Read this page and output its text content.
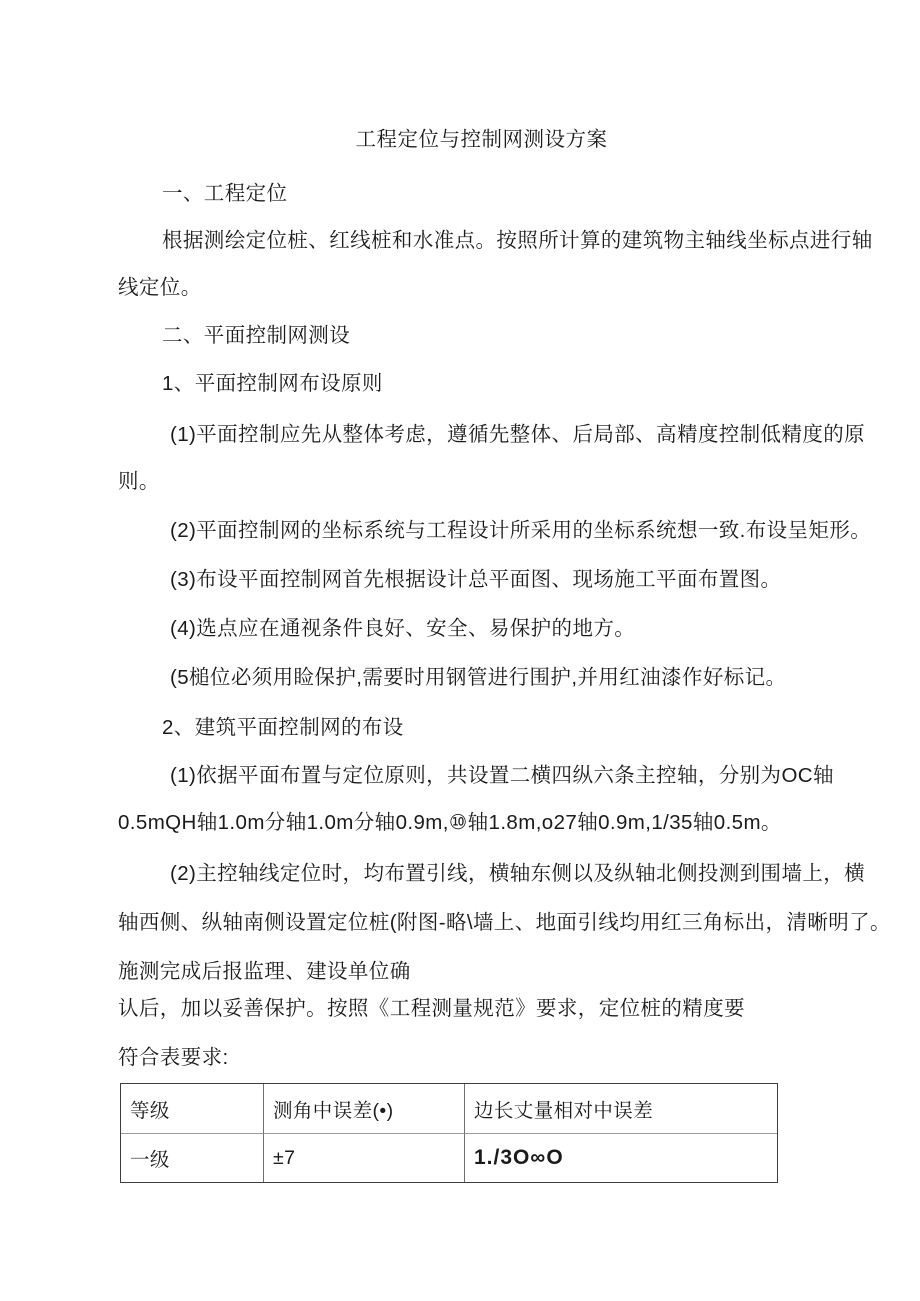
工程定位与控制网测设方案
一、工程定位
根据测绘定位桩、红线桩和水准点。按照所计算的建筑物主轴线坐标点进行轴
线定位。
二、平面控制网测设
1、平面控制网布设原则
(1)平面控制应先从整体考虑，遵循先整体、后局部、高精度控制低精度的原
则。
(2)平面控制网的坐标系统与工程设计所采用的坐标系统想一致.布设呈矩形。
(3)布设平面控制网首先根据设计总平面图、现场施工平面布置图。
(4)选点应在通视条件良好、安全、易保护的地方。
(5槌位必须用睑保护,需要时用钢管进行围护,并用红油漆作好标记。
2、建筑平面控制网的布设
(1)依据平面布置与定位原则，共设置二横四纵六条主控轴，分别为OC轴
0.5mQH轴1.0m分轴1.0m分轴0.9m,⑩轴1.8m,o27轴0.9m,1/35轴0.5m。
(2)主控轴线定位时，均布置引线，横轴东侧以及纵轴北侧投测到围墙上，横
轴西侧、纵轴南侧设置定位桩(附图-略\墙上、地面引线均用红三角标出，清晰明了。
施测完成后报监理、建设单位确
认后，加以妥善保护。按照《工程测量规范》要求，定位桩的精度要
符合表要求:
等级	测角中误差(•)	边长丈量相对中误差
一级	±7	1./3O∞O
